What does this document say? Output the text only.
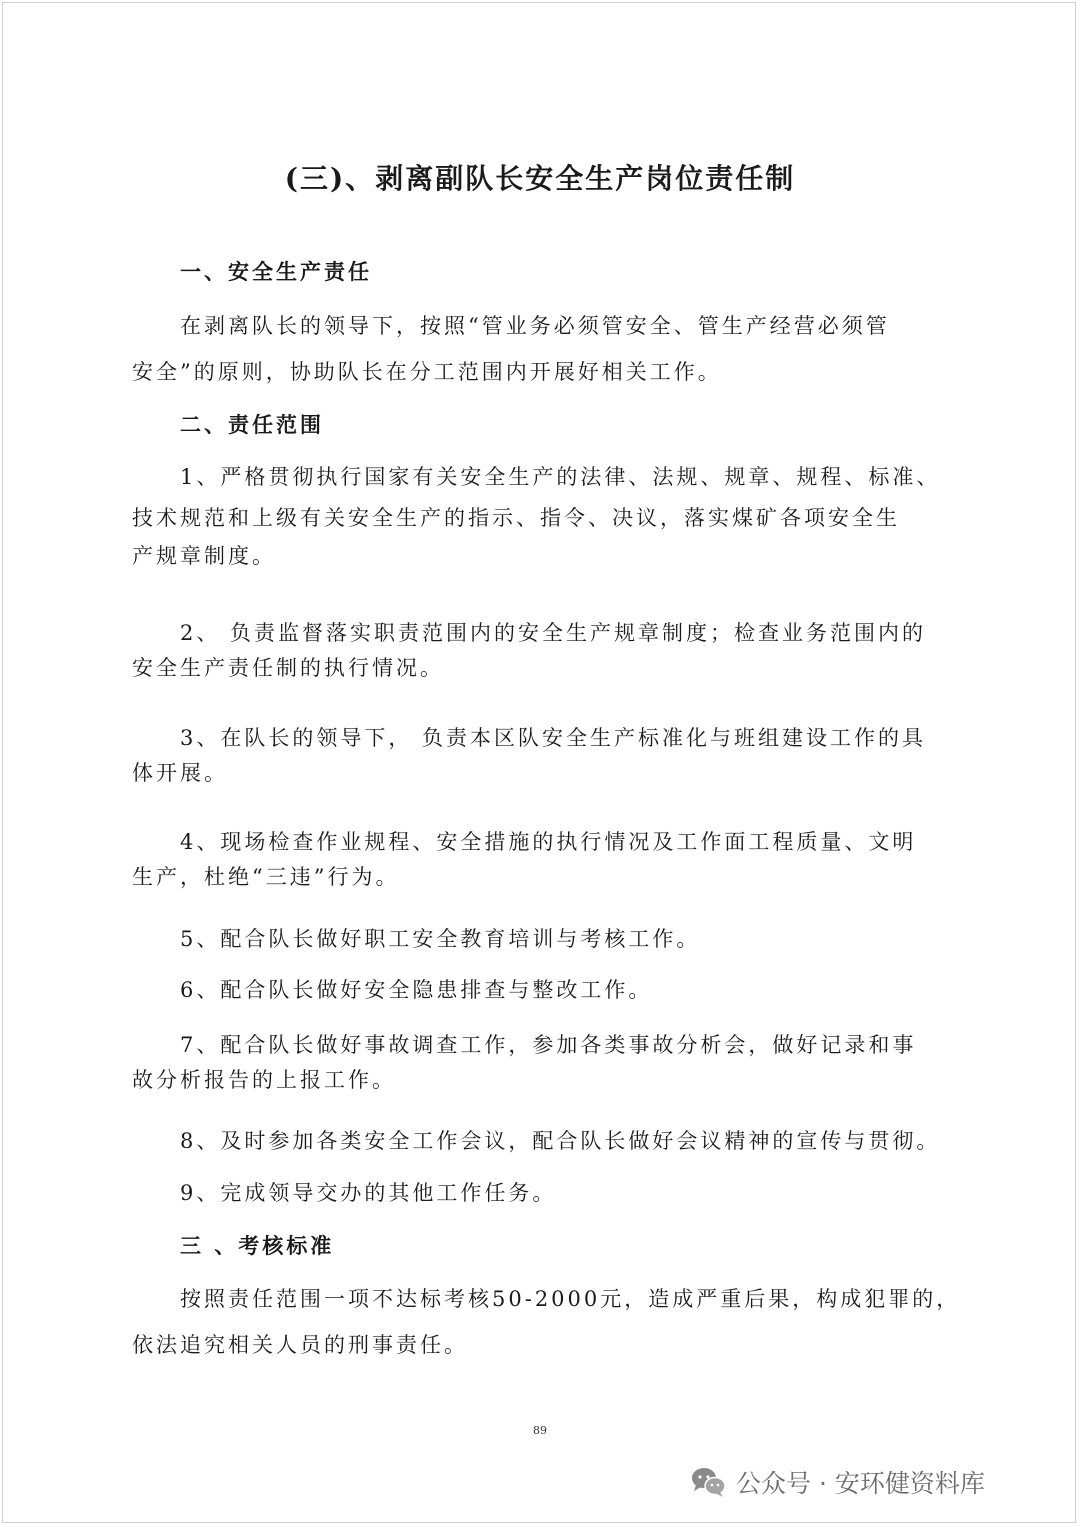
(三)、剥离副队长安全生产岗位责任制
一、安全生产责任
在剥离队长的领导下，按照“管业务必须管安全、管生产经营必须管
安全”的原则，协助队长在分工范围内开展好相关工作。
二、责任范围
1、严格贯彻执行国家有关安全生产的法律、法规、规章、规程、标准、
技术规范和上级有关安全生产的指示、指令、决议，落实煤矿各项安全生
产规章制度。
2、 负责监督落实职责范围内的安全生产规章制度；检查业务范围内的
安全生产责任制的执行情况。
3、在队长的领导下， 负责本区队安全生产标准化与班组建设工作的具
体开展。
4、现场检查作业规程、安全措施的执行情况及工作面工程质量、文明
生产，杜绝“三违”行为。
5、配合队长做好职工安全教育培训与考核工作。
6、配合队长做好安全隐患排查与整改工作。
7、配合队长做好事故调查工作，参加各类事故分析会，做好记录和事
故分析报告的上报工作。
8、及时参加各类安全工作会议，配合队长做好会议精神的宣传与贯彻。
9、完成领导交办的其他工作任务。
三 、考核标准
按照责任范围一项不达标考核50-2000元，造成严重后果，构成犯罪的，
依法追究相关人员的刑事责任。
89
公众号 · 安环健资料库
